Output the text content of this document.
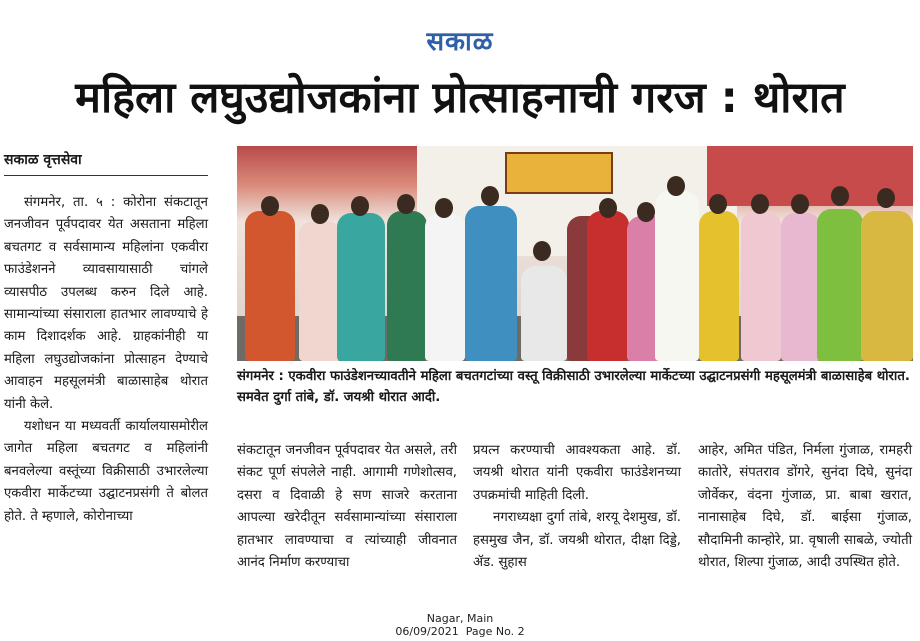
सकाळ
महिला लघुउद्योजकांना प्रोत्साहनाची गरज : थोरात
सकाळ वृत्तसेवा

संगमनेर, ता. ५ : कोरोना संकटातून जनजीवन पूर्वपदावर येत असताना महिला बचतगट व सर्वसामान्य महिलांना एकवीरा फाउंडेशनने व्यावसायासाठी चांगले व्यासपीठ उपलब्ध करुन दिले आहे. सामान्यांच्या संसाराला हातभार लावण्याचे हे काम दिशादर्शक आहे. ग्राहकांनीही या महिला लघुउद्योजकांना प्रोत्साहन देण्याचे आवाहन महसूलमंत्री बाळासाहेब थोरात यांनी केले.

यशोधन या मध्यवर्ती कार्यालयासमोरील जागेत महिला बचतगट व महिलांनी बनवलेल्या वस्तूंच्या विक्रीसाठी उभारलेल्या एकवीरा मार्केटच्या उद्घाटनप्रसंगी ते बोलत होते. ते म्हणाले, कोरोनाच्या

संगमनेर : एकवीरा फाउंडेशनच्यावतीने महिला बचतगटांच्या वस्तू विक्रीसाठी उभारलेल्या मार्केटच्या उद्घाटनप्रसंगी महसूलमंत्री बाळासाहेब थोरात. समवेत दुर्गा तांबे, डॉ. जयश्री थोरात आदी.

संकटातून जनजीवन पूर्वपदावर येत असले, तरी संकट पूर्ण संपलेले नाही. आगामी गणेशोत्सव, दसरा व दिवाळी हे सण साजरे करताना आपल्या खरेदीतून सर्वसामान्यांच्या संसाराला हातभार लावण्याचा व त्यांच्याही जीवनात आनंद निर्माण करण्याचा

प्रयत्न करण्याची आवश्यकता आहे. डॉ. जयश्री थोरात यांनी एकवीरा फाउंडेशनच्या उपक्रमांची माहिती दिली.

नगराध्यक्षा दुर्गा तांबे, शरयू देशमुख, डॉ. हसमुख जैन, डॉ. जयश्री थोरात, दीक्षा दिड्डे, ॲड. सुहास

आहेर, अमित पंडित, निर्मला गुंजाळ, रामहरी कातोरे, संपतराव डोंगरे, सुनंदा दिघे, सुनंदा जोर्वेकर, वंदना गुंजाळ, प्रा. बाबा खरात, नानासाहेब दिघे, डॉ. बाईसा गुंजाळ, सौदामिनी कान्होरे, प्रा. वृषाली साबळे, ज्योती थोरात, शिल्पा गुंजाळ, आदी उपस्थित होते.

Nagar, Main
06/09/2021  Page No. 2
